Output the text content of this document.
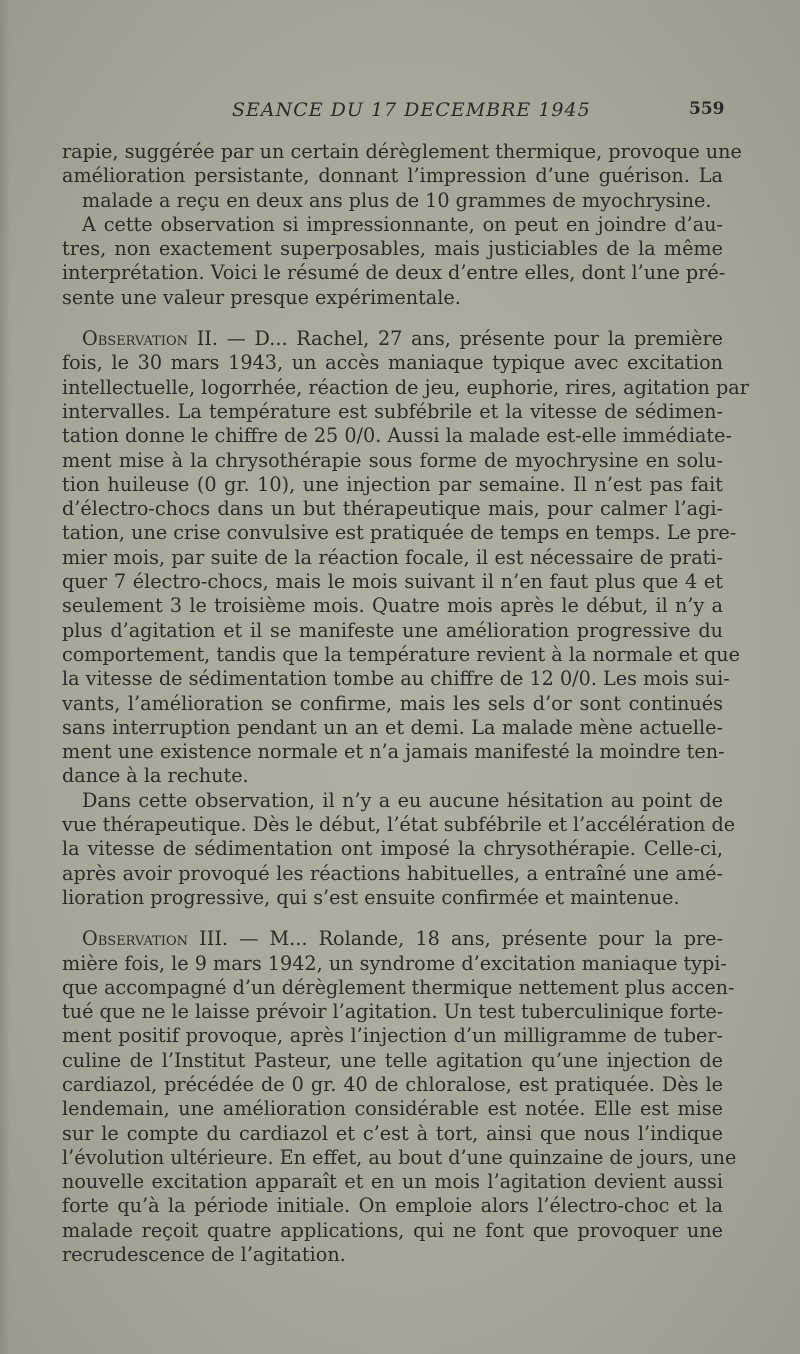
SEANCE DU 17 DECEMBRE 1945	559
rapie, suggérée par un certain dérèglement thermique, provoque une
amélioration persistante, donnant l’impression d’une guérison. La
malade a reçu en deux ans plus de 10 grammes de myochrysine.
A cette observation si impressionnante, on peut en joindre d’au-
tres, non exactement superposables, mais justiciables de la même
interprétation. Voici le résumé de deux d’entre elles, dont l’une pré-
sente une valeur presque expérimentale.
Observation II. — D... Rachel, 27 ans, présente pour la première
fois, le 30 mars 1943, un accès maniaque typique avec excitation
intellectuelle, logorrhée, réaction de jeu, euphorie, rires, agitation par
intervalles. La température est subfébrile et la vitesse de sédimen-
tation donne le chiffre de 25 0/0. Aussi la malade est-elle immédiate-
ment mise à la chrysothérapie sous forme de myochrysine en solu-
tion huileuse (0 gr. 10), une injection par semaine. Il n’est pas fait
d’électro-chocs dans un but thérapeutique mais, pour calmer l’agi-
tation, une crise convulsive est pratiquée de temps en temps. Le pre-
mier mois, par suite de la réaction focale, il est nécessaire de prati-
quer 7 électro-chocs, mais le mois suivant il n’en faut plus que 4 et
seulement 3 le troisième mois. Quatre mois après le début, il n’y a
plus d’agitation et il se manifeste une amélioration progressive du
comportement, tandis que la température revient à la normale et que
la vitesse de sédimentation tombe au chiffre de 12 0/0. Les mois sui-
vants, l’amélioration se confirme, mais les sels d’or sont continués
sans interruption pendant un an et demi. La malade mène actuelle-
ment une existence normale et n’a jamais manifesté la moindre ten-
dance à la rechute.
Dans cette observation, il n’y a eu aucune hésitation au point de
vue thérapeutique. Dès le début, l’état subfébrile et l’accélération de
la vitesse de sédimentation ont imposé la chrysothérapie. Celle-ci,
après avoir provoqué les réactions habituelles, a entraîné une amé-
lioration progressive, qui s’est ensuite confirmée et maintenue.
Observation III. — M... Rolande, 18 ans, présente pour la pre-
mière fois, le 9 mars 1942, un syndrome d’excitation maniaque typi-
que accompagné d’un dérèglement thermique nettement plus accen-
tué que ne le laisse prévoir l’agitation. Un test tuberculinique forte-
ment positif provoque, après l’injection d’un milligramme de tuber-
culine de l’Institut Pasteur, une telle agitation qu’une injection de
cardiazol, précédée de 0 gr. 40 de chloralose, est pratiquée. Dès le
lendemain, une amélioration considérable est notée. Elle est mise
sur le compte du cardiazol et c’est à tort, ainsi que nous l’indique
l’évolution ultérieure. En effet, au bout d’une quinzaine de jours, une
nouvelle excitation apparaît et en un mois l’agitation devient aussi
forte qu’à la période initiale. On emploie alors l’électro-choc et la
malade reçoit quatre applications, qui ne font que provoquer une
recrudescence de l’agitation.
